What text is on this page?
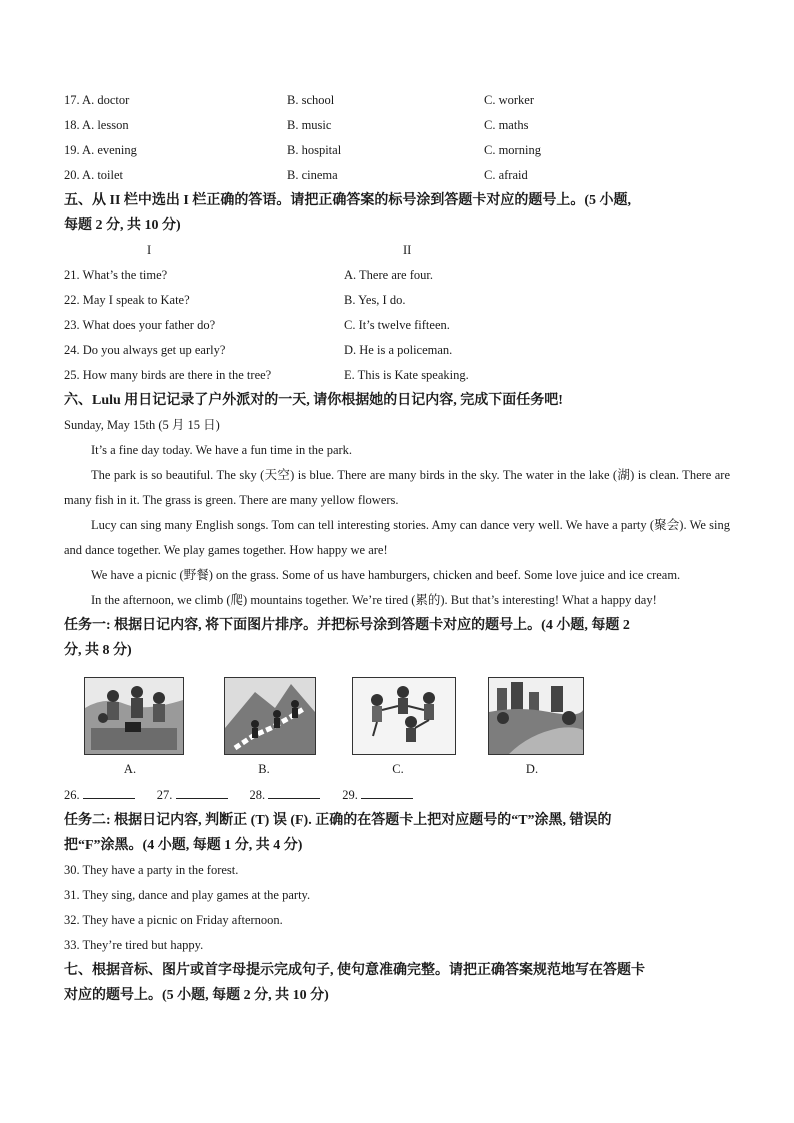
17. A. doctor	B. school	C. worker
18. A. lesson	B. music	C. maths
19. A. evening	B. hospital	C. morning
20. A. toilet	B. cinema	C. afraid
五、从 II 栏中选出 I 栏正确的答语。请把正确答案的标号涂到答题卡对应的题号上。(5 小题,
每题 2 分, 共 10 分)
I	II
21. What’s the time?	A. There are four.
22. May I speak to Kate?	B. Yes, I do.
23. What does your father do?	C. It’s twelve fifteen.
24. Do you always get up early?	D. He is a policeman.
25. How many birds are there in the tree?	E. This is Kate speaking.
六、Lulu 用日记记录了户外派对的一天, 请你根据她的日记内容, 完成下面任务吧!
Sunday, May 15th (5 月 15 日)
It’s a fine day today. We have a fun time in the park.
The park is so beautiful. The sky (天空) is blue. There are many birds in the sky. The water in the lake (湖) is clean. There are many fish in it. The grass is green. There are many yellow flowers.
Lucy can sing many English songs. Tom can tell interesting stories. Amy can dance very well. We have a party (聚会). We sing and dance together. We play games together. How happy we are!
We have a picnic (野餐) on the grass. Some of us have hamburgers, chicken and beef. Some love juice and ice cream.
In the afternoon, we climb (爬) mountains together. We’re tired (累的). But that’s interesting! What a happy day!
任务一: 根据日记内容, 将下面图片排序。并把标号涂到答题卡对应的题号上。(4 小题, 每题 2
分, 共 8 分)
A.	B.	C.	D.
26.	27.	28.	29.
任务二: 根据日记内容, 判断正 (T) 误 (F). 正确的在答题卡上把对应题号的“T”涂黑, 错误的
把“F”涂黑。(4 小题, 每题 1 分, 共 4 分)
30. They have a party in the forest.
31. They sing, dance and play games at the party.
32. They have a picnic on Friday afternoon.
33. They’re tired but happy.
七、根据音标、图片或首字母提示完成句子, 使句意准确完整。请把正确答案规范地写在答题卡
对应的题号上。(5 小题, 每题 2 分, 共 10 分)
